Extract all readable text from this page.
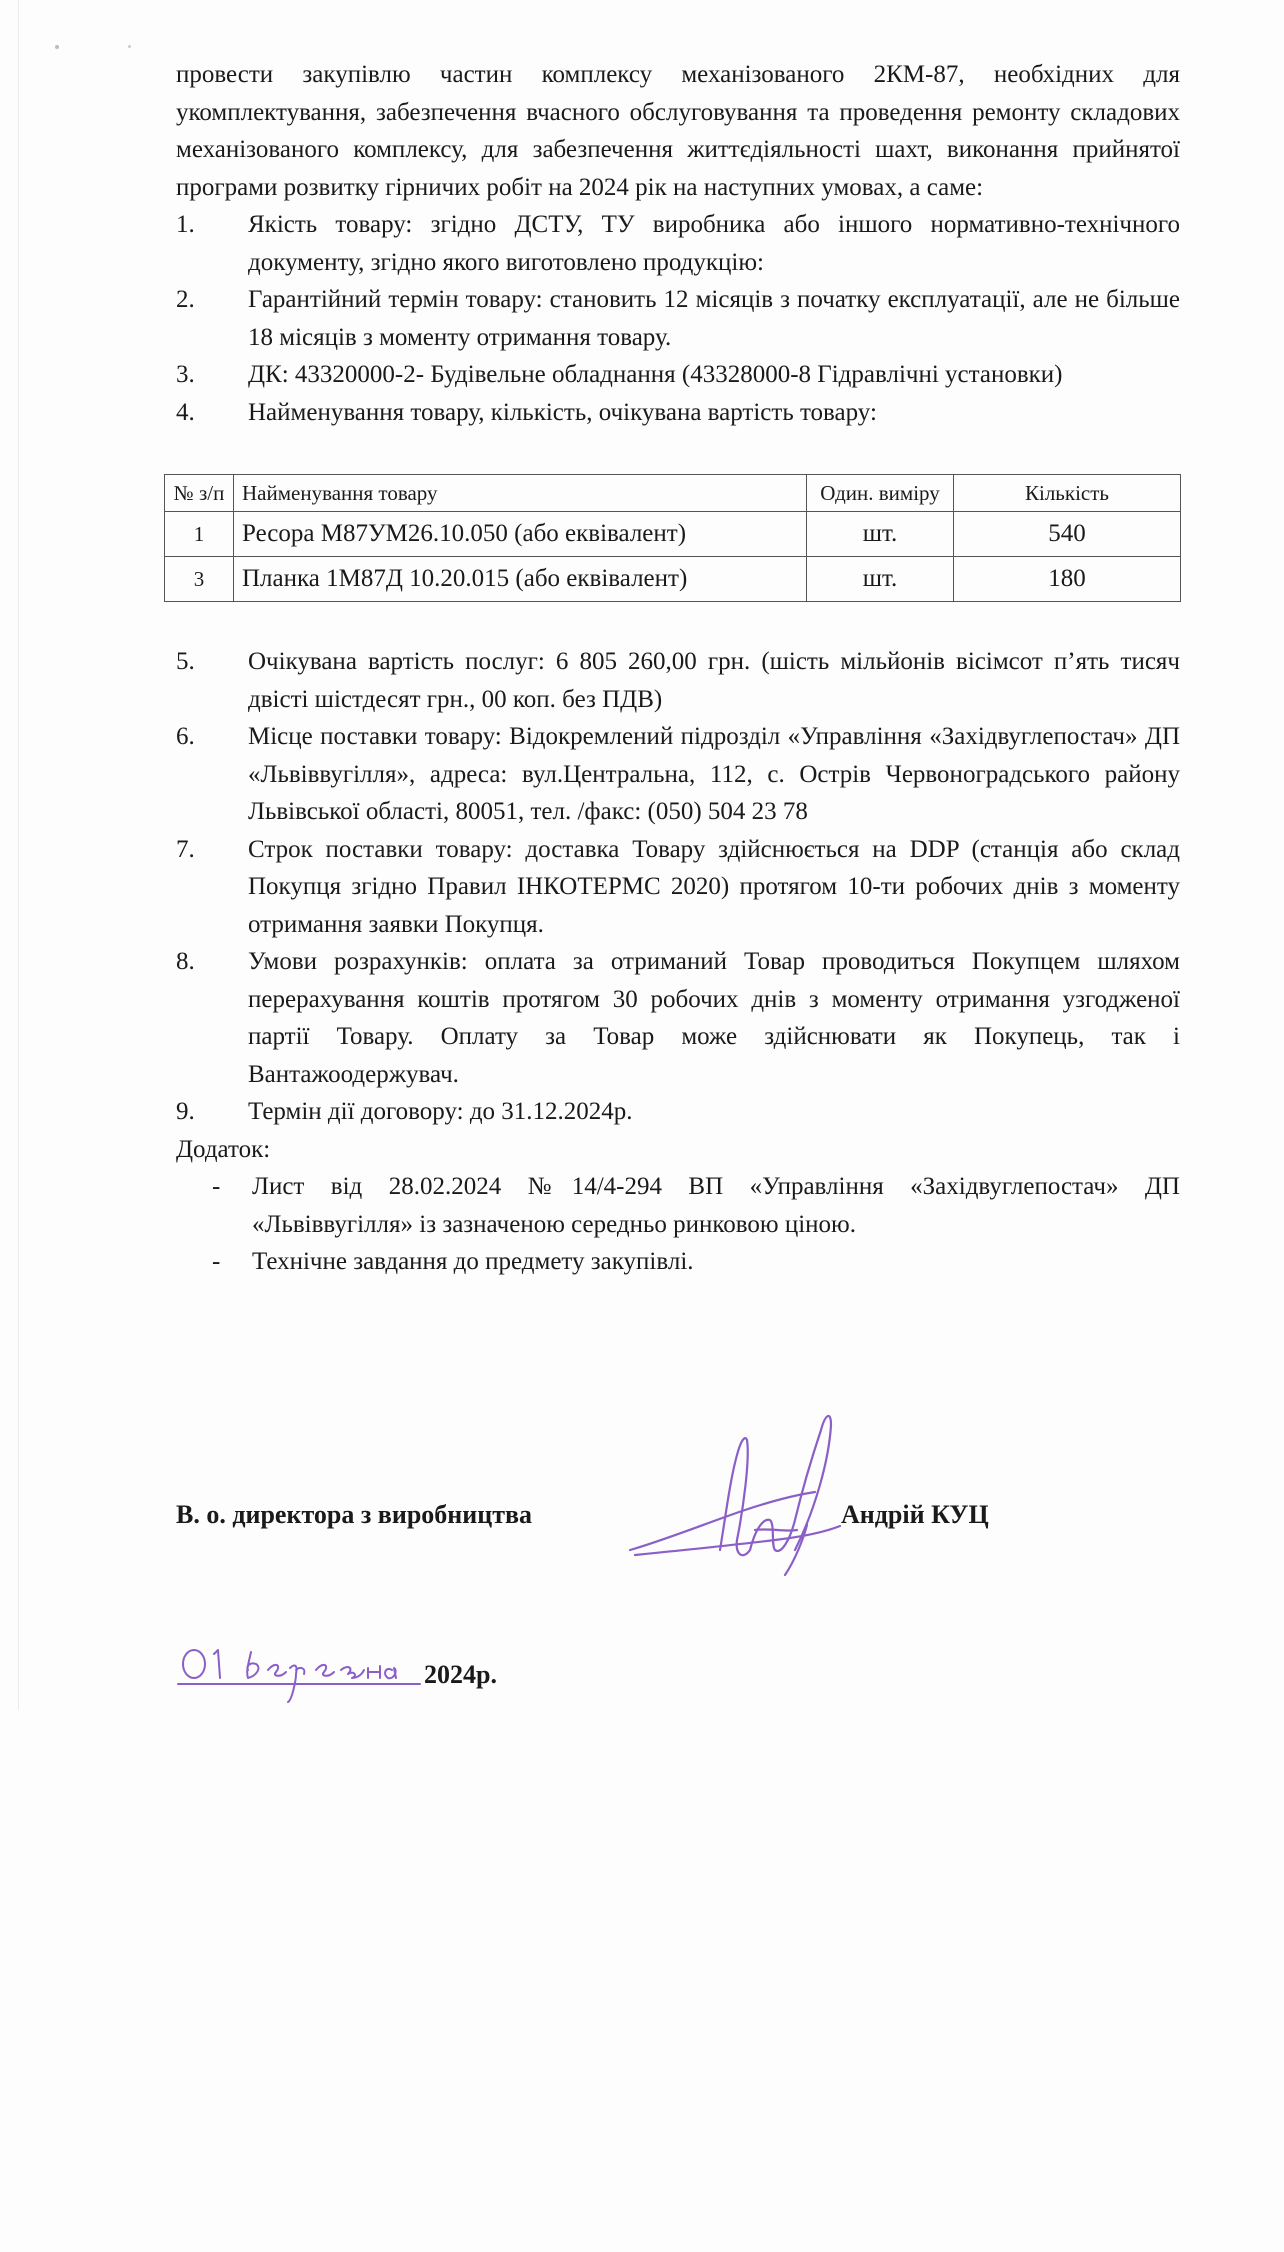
провести закупівлю частин комплексу механізованого 2КМ-87, необхідних для укомплектування, забезпечення вчасного обслуговування та проведення ремонту складових механізованого комплексу, для забезпечення життєдіяльності шахт, виконання прийнятої програми розвитку гірничих робіт на 2024 рік на наступних умовах, а саме:

1.	Якість товару: згідно ДСТУ, ТУ виробника або іншого нормативно-технічного документу, згідно якого виготовлено продукцію:
2.	Гарантійний термін товару: становить 12 місяців з початку експлуатації, але не більше 18 місяців з моменту отримання товару.
3.	ДК: 43320000-2- Будівельне обладнання (43328000-8 Гідравлічні установки)
4.	Найменування товару, кількість, очікувана вартість товару:
№ з/п	Найменування товару	Один. виміру	Кількість
1	Ресора М87УМ26.10.050 (або еквівалент)	шт.	540
3	Планка 1М87Д 10.20.015 (або еквівалент)	шт.	180
5.	Очікувана вартість послуг: 6 805 260,00 грн. (шість мільйонів вісімсот п’ять тисяч двісті шістдесят грн., 00 коп. без ПДВ)
6.	Місце поставки товару: Відокремлений підрозділ «Управління «Західвуглепостач» ДП «Львіввугілля», адреса: вул.Центральна, 112, с. Острів Червоноградського району Львівської області, 80051, тел. /факс: (050) 504 23 78
7.	Строк поставки товару: доставка Товару здійснюється на DDP (станція або склад Покупця згідно Правил ІНКОТЕРМС 2020) протягом 10-ти робочих днів з моменту отримання заявки Покупця.
8.	Умови розрахунків: оплата за отриманий Товар проводиться Покупцем шляхом перерахування коштів протягом 30 робочих днів з моменту отримання узгодженої партії Товару. Оплату за Товар може здійснювати як Покупець, так і Вантажоодержувач.
9.	Термін дії договору: до 31.12.2024р.

Додаток:

-	Лист від 28.02.2024 №14/4-294 ВП «Управління «Західвуглепостач» ДП «Львіввугілля» із зазначеною середньо ринковою ціною.
-	Технічне завдання до предмету закупівлі.
В. о. директора з виробництва	Андрій КУЦ
2024р.
